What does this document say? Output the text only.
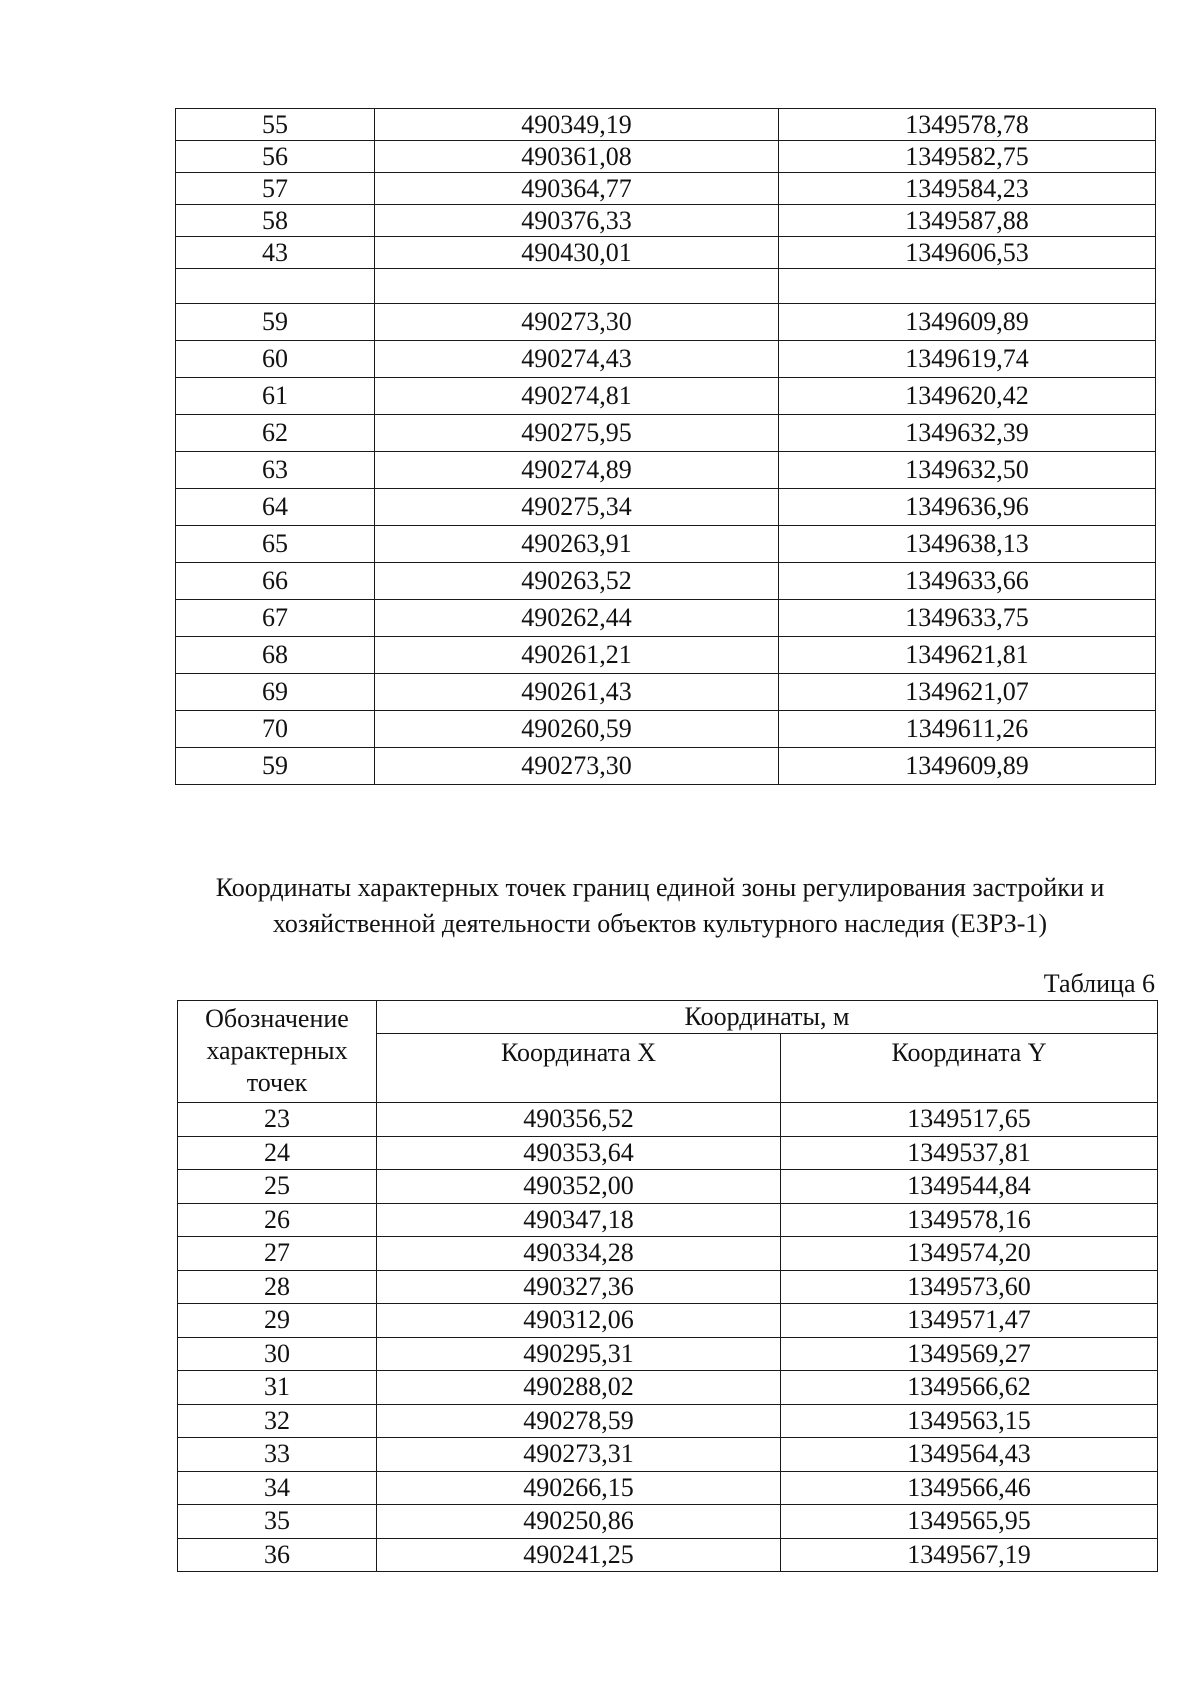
55	490349,19	1349578,78
56	490361,08	1349582,75
57	490364,77	1349584,23
58	490376,33	1349587,88
43	490430,01	1349606,53

59	490273,30	1349609,89
60	490274,43	1349619,74
61	490274,81	1349620,42
62	490275,95	1349632,39
63	490274,89	1349632,50
64	490275,34	1349636,96
65	490263,91	1349638,13
66	490263,52	1349633,66
67	490262,44	1349633,75
68	490261,21	1349621,81
69	490261,43	1349621,07
70	490260,59	1349611,26
59	490273,30	1349609,89
Координаты характерных точек границ единой зоны регулирования застройки и
хозяйственной деятельности объектов культурного наследия (ЕЗРЗ-1)
Таблица 6
Обозначение характерных точек	Координаты, м	
	Координата X	Координата Y
23	490356,52	1349517,65
24	490353,64	1349537,81
25	490352,00	1349544,84
26	490347,18	1349578,16
27	490334,28	1349574,20
28	490327,36	1349573,60
29	490312,06	1349571,47
30	490295,31	1349569,27
31	490288,02	1349566,62
32	490278,59	1349563,15
33	490273,31	1349564,43
34	490266,15	1349566,46
35	490250,86	1349565,95
36	490241,25	1349567,19
